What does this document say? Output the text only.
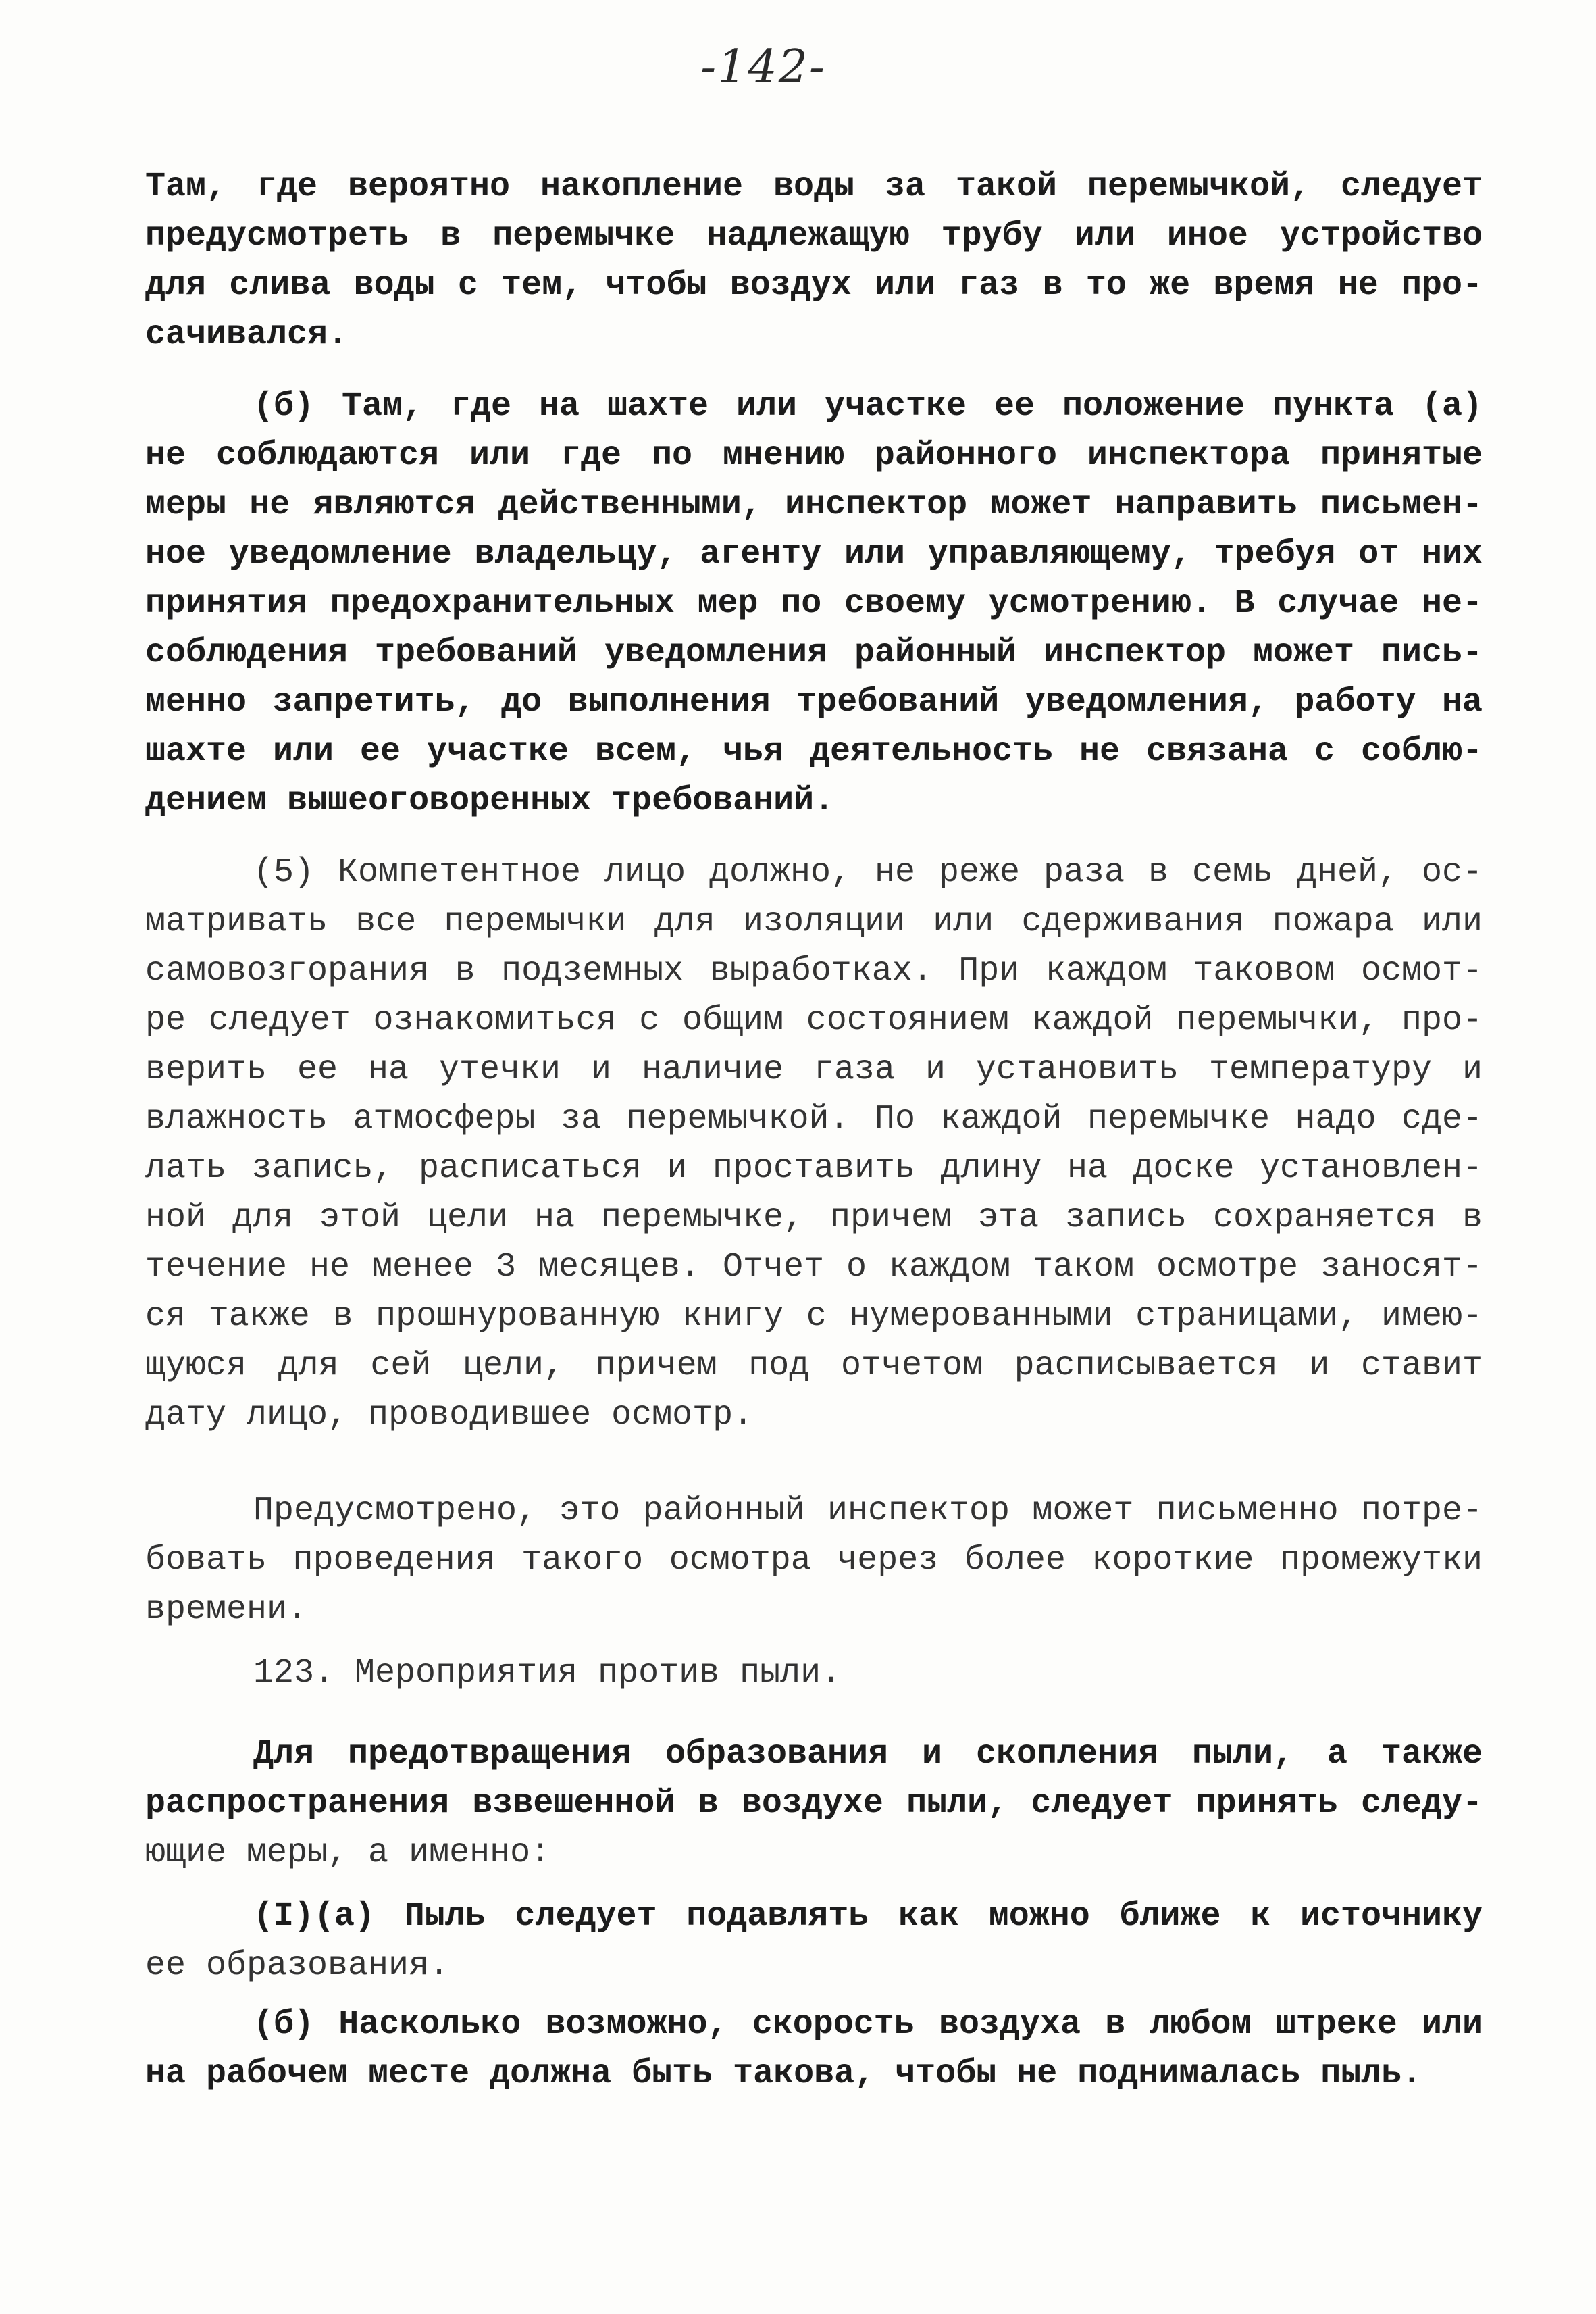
-142-
Там, где вероятно накопление воды за такой перемычкой, следует
предусмотреть в перемычке надлежащую трубу или иное устройство
для слива воды с тем, чтобы воздух или газ в то же время не про-
сачивался.
(б) Там, где на шахте или участке ее положение пункта (а)
не соблюдаются или где по мнению районного инспектора принятые
меры не являются действенными, инспектор может направить письмен-
ное уведомление владельцу, агенту или управляющему, требуя от них
принятия предохранительных мер по своему усмотрению. В случае не-
соблюдения требований уведомления районный инспектор может пись-
менно запретить, до выполнения требований уведомления, работу на
шахте или ее участке всем, чья деятельность не связана с соблю-
дением вышеоговоренных требований.
(5) Компетентное лицо должно, не реже раза в семь дней, ос-
матривать все перемычки для изоляции или сдерживания пожара или
самовозгорания в подземных выработках. При каждом таковом осмот-
ре следует ознакомиться с общим состоянием каждой перемычки, про-
верить ее на утечки и наличие газа и установить температуру и
влажность атмосферы за перемычкой. По каждой перемычке надо сде-
лать запись, расписаться и проставить длину на доске установлен-
ной для этой цели на перемычке, причем эта запись сохраняется в
течение не менее 3 месяцев. Отчет о каждом таком осмотре заносят-
ся также в прошнурованную книгу с нумерованными страницами, имею-
щуюся для сей цели, причем под отчетом расписывается и ставит
дату лицо, проводившее осмотр.
Предусмотрено, это районный инспектор может письменно потре-
бовать проведения такого осмотра через более короткие промежутки
времени.
123. Мероприятия против пыли.
Для предотвращения образования и скопления пыли, а также
распространения взвешенной в воздухе пыли, следует принять следу-
ющие меры, а именно:
(I)(а) Пыль следует подавлять как можно ближе к источнику
ее образования.
(б) Насколько возможно, скорость воздуха в любом штреке или
на рабочем месте должна быть такова, чтобы не поднималась пыль.
